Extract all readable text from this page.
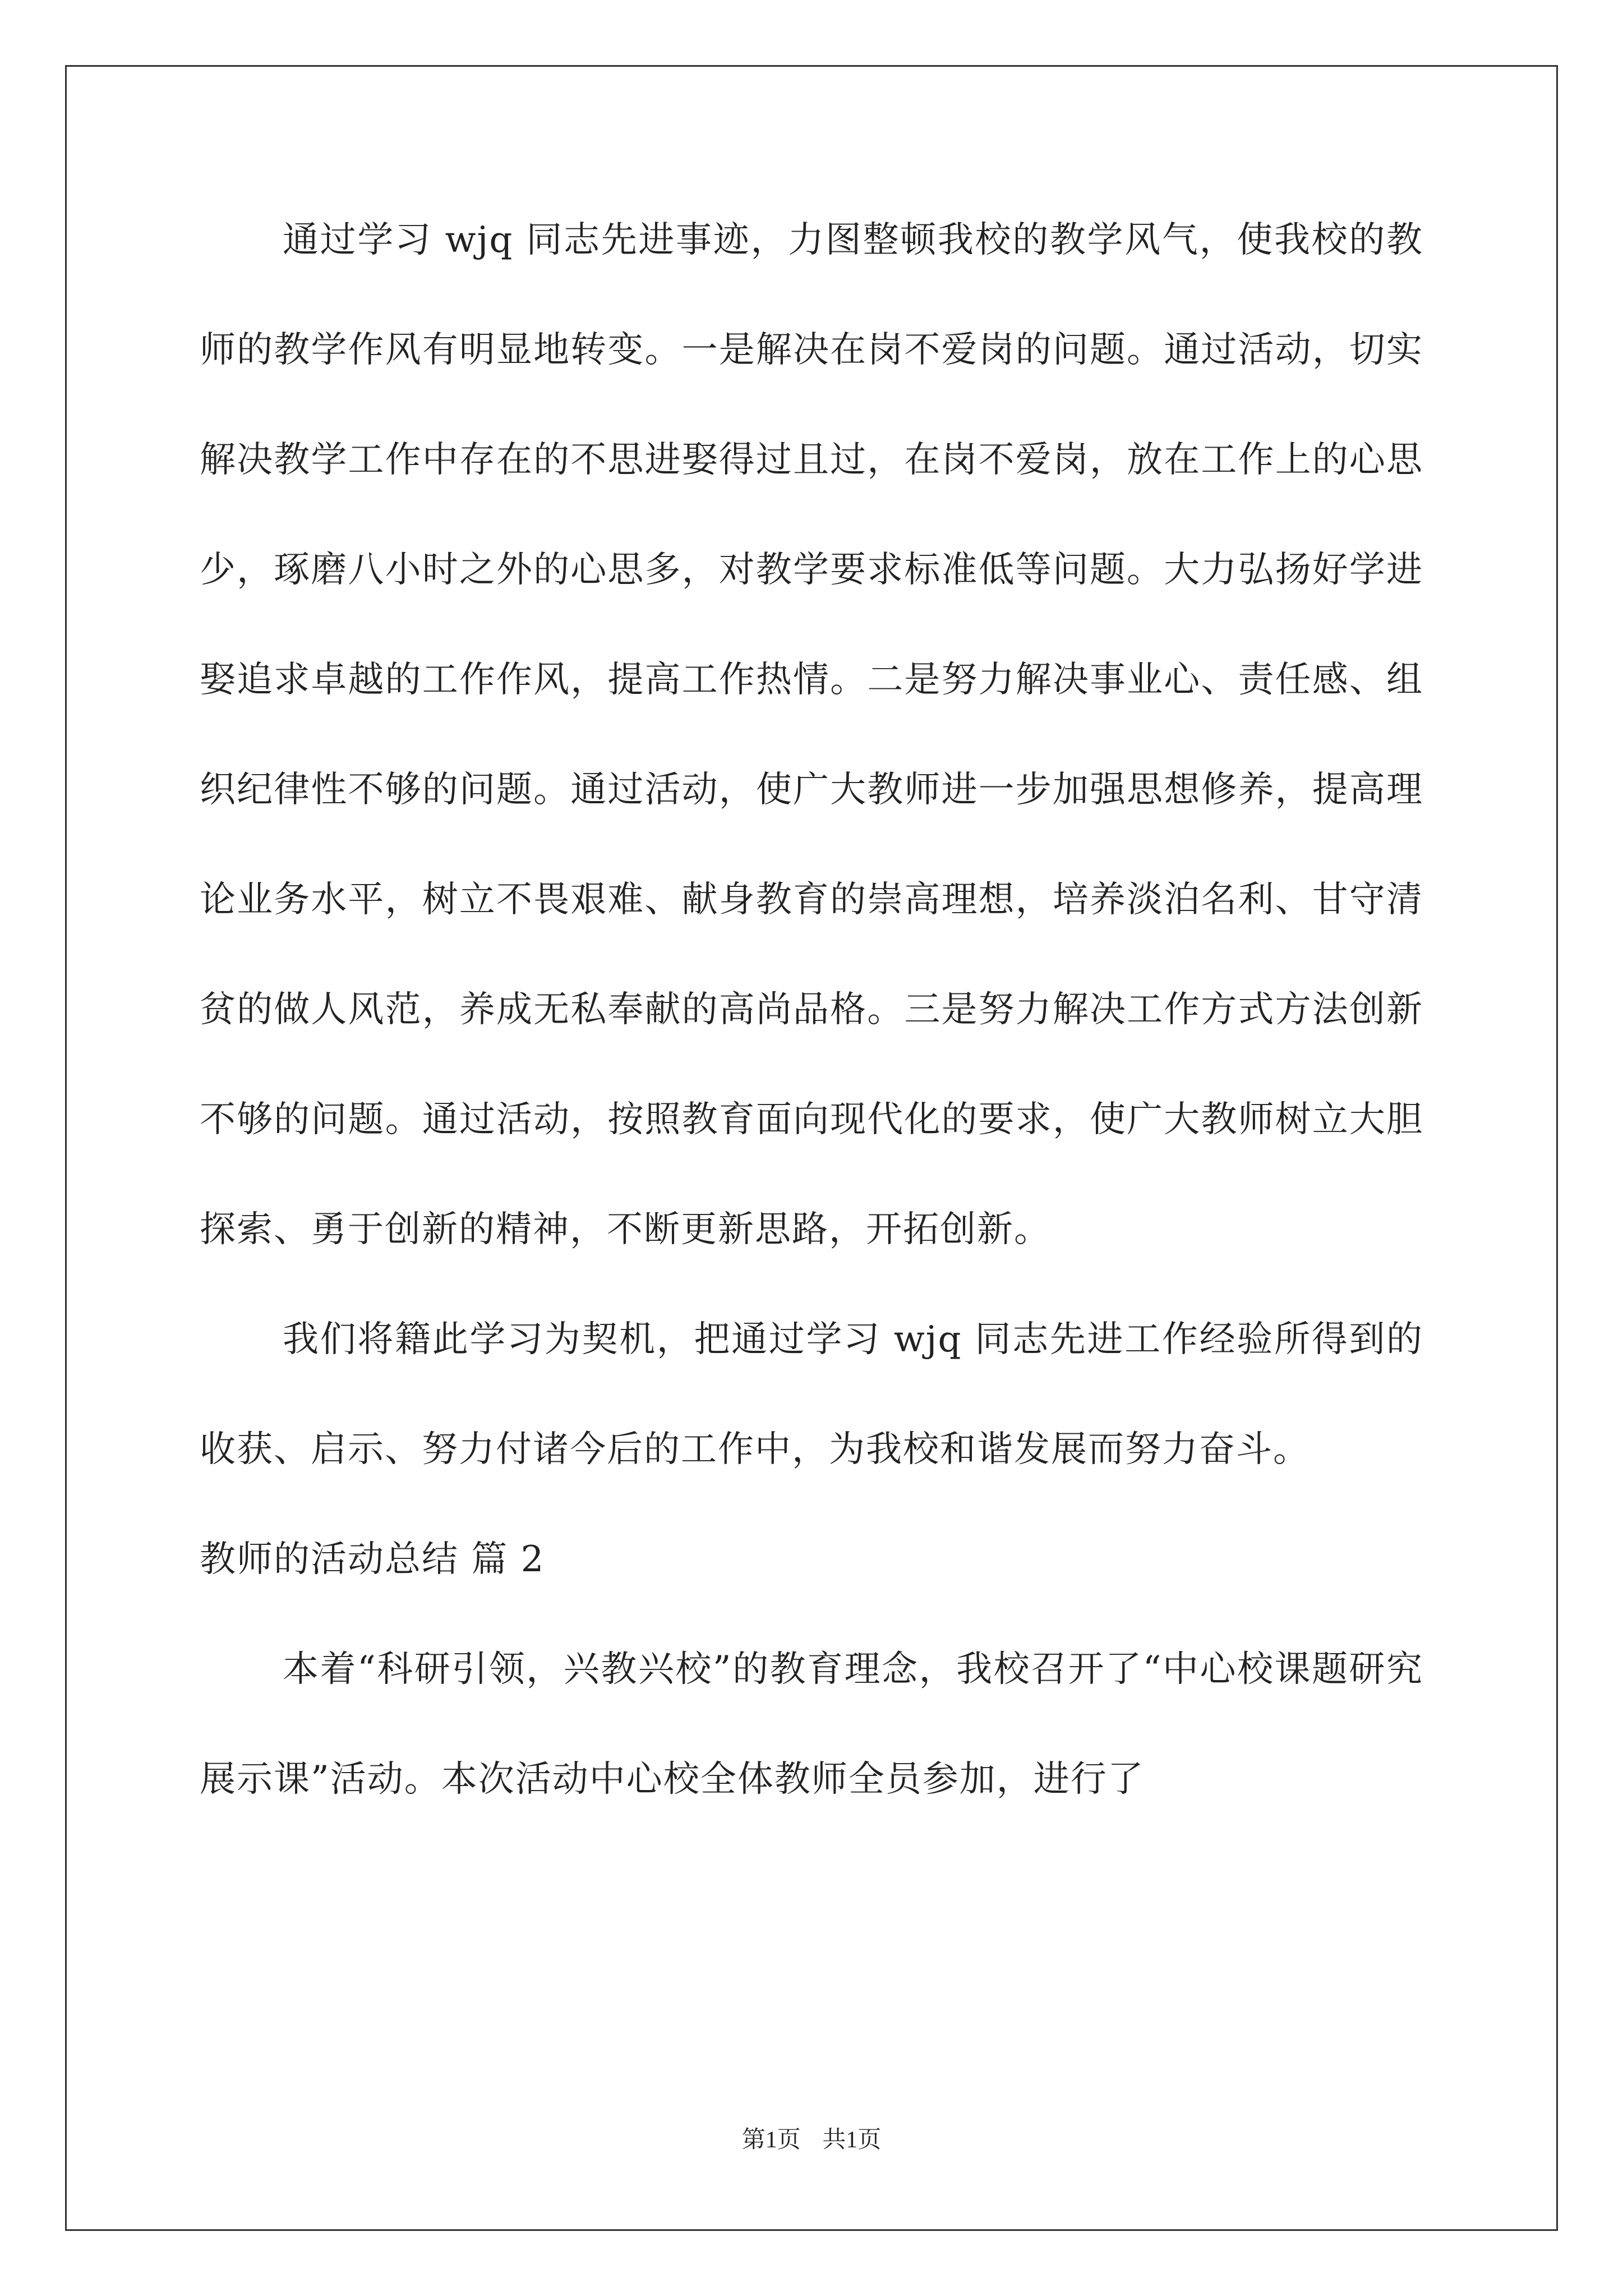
通过学习 wjq 同志先进事迹，力图整顿我校的教学风气，使我校的教师的教学作风有明显地转变。一是解决在岗不爱岗的问题。通过活动，切实解决教学工作中存在的不思进娶得过且过，在岗不爱岗，放在工作上的心思少，琢磨八小时之外的心思多，对教学要求标准低等问题。大力弘扬好学进娶追求卓越的工作作风，提高工作热情。二是努力解决事业心、责任感、组织纪律性不够的问题。通过活动，使广大教师进一步加强思想修养，提高理论业务水平，树立不畏艰难、献身教育的崇高理想，培养淡泊名利、甘守清贫的做人风范，养成无私奉献的高尚品格。三是努力解决工作方式方法创新不够的问题。通过活动，按照教育面向现代化的要求，使广大教师树立大胆探索、勇于创新的精神，不断更新思路，开拓创新。

我们将籍此学习为契机，把通过学习 wjq 同志先进工作经验所得到的收获、启示、努力付诸今后的工作中，为我校和谐发展而努力奋斗。

教师的活动总结 篇 2

本着“科研引领，兴教兴校”的教育理念，我校召开了“中心校课题研究展示课”活动。本次活动中心校全体教师全员参加，进行了

第1页 共1页
